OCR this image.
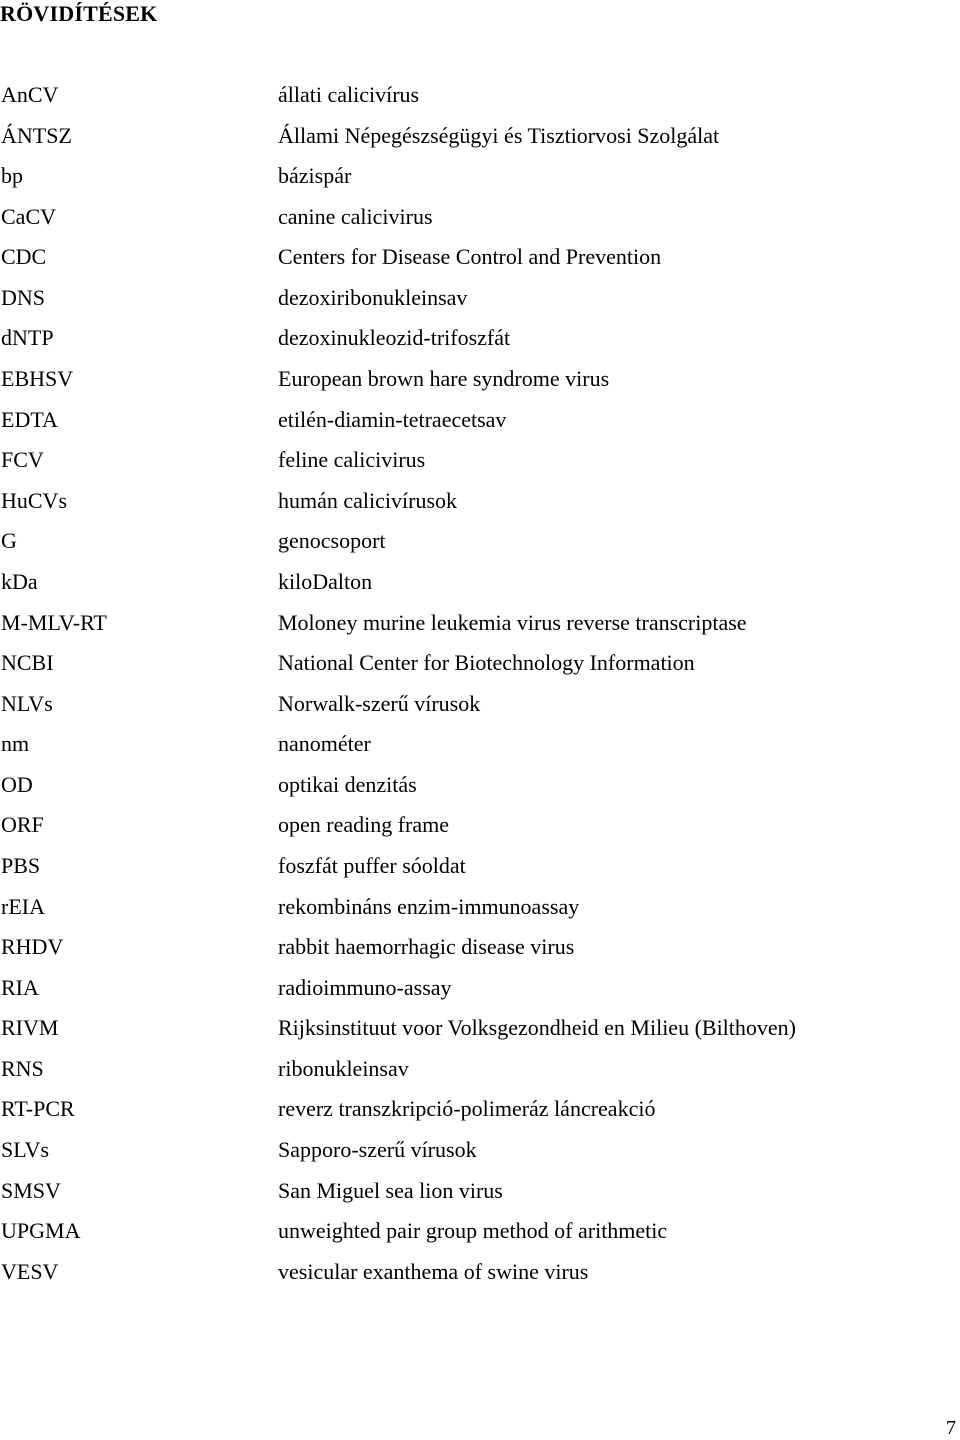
RÖVIDÍTÉSEK
AnCV	állati calicivírus
ÁNTSZ	Állami Népegészségügyi és Tisztiorvosi Szolgálat
bp	bázispár
CaCV	canine calicivirus
CDC	Centers for Disease Control and Prevention
DNS	dezoxiribonukleinsav
dNTP	dezoxinukleozid-trifoszfát
EBHSV	European brown hare syndrome virus
EDTA	etilén-diamin-tetraecetsav
FCV	feline calicivirus
HuCVs	humán calicivírusok
G	genocsoport
kDa	kiloDalton
M-MLV-RT	Moloney murine leukemia virus reverse transcriptase
NCBI	National Center for Biotechnology Information
NLVs	Norwalk-szerű vírusok
nm	nanométer
OD	optikai denzitás
ORF	open reading frame
PBS	foszfát puffer sóoldat
rEIA	rekombináns enzim-immunoassay
RHDV	rabbit haemorrhagic disease virus
RIA	radioimmuno-assay
RIVM	Rijksinstituut voor Volksgezondheid en Milieu (Bilthoven)
RNS	ribonukleinsav
RT-PCR	reverz transzkripció-polimeráz láncreakció
SLVs	Sapporo-szerű vírusok
SMSV	San Miguel sea lion virus
UPGMA	unweighted pair group method of arithmetic
VESV	vesicular exanthema of swine virus
7
